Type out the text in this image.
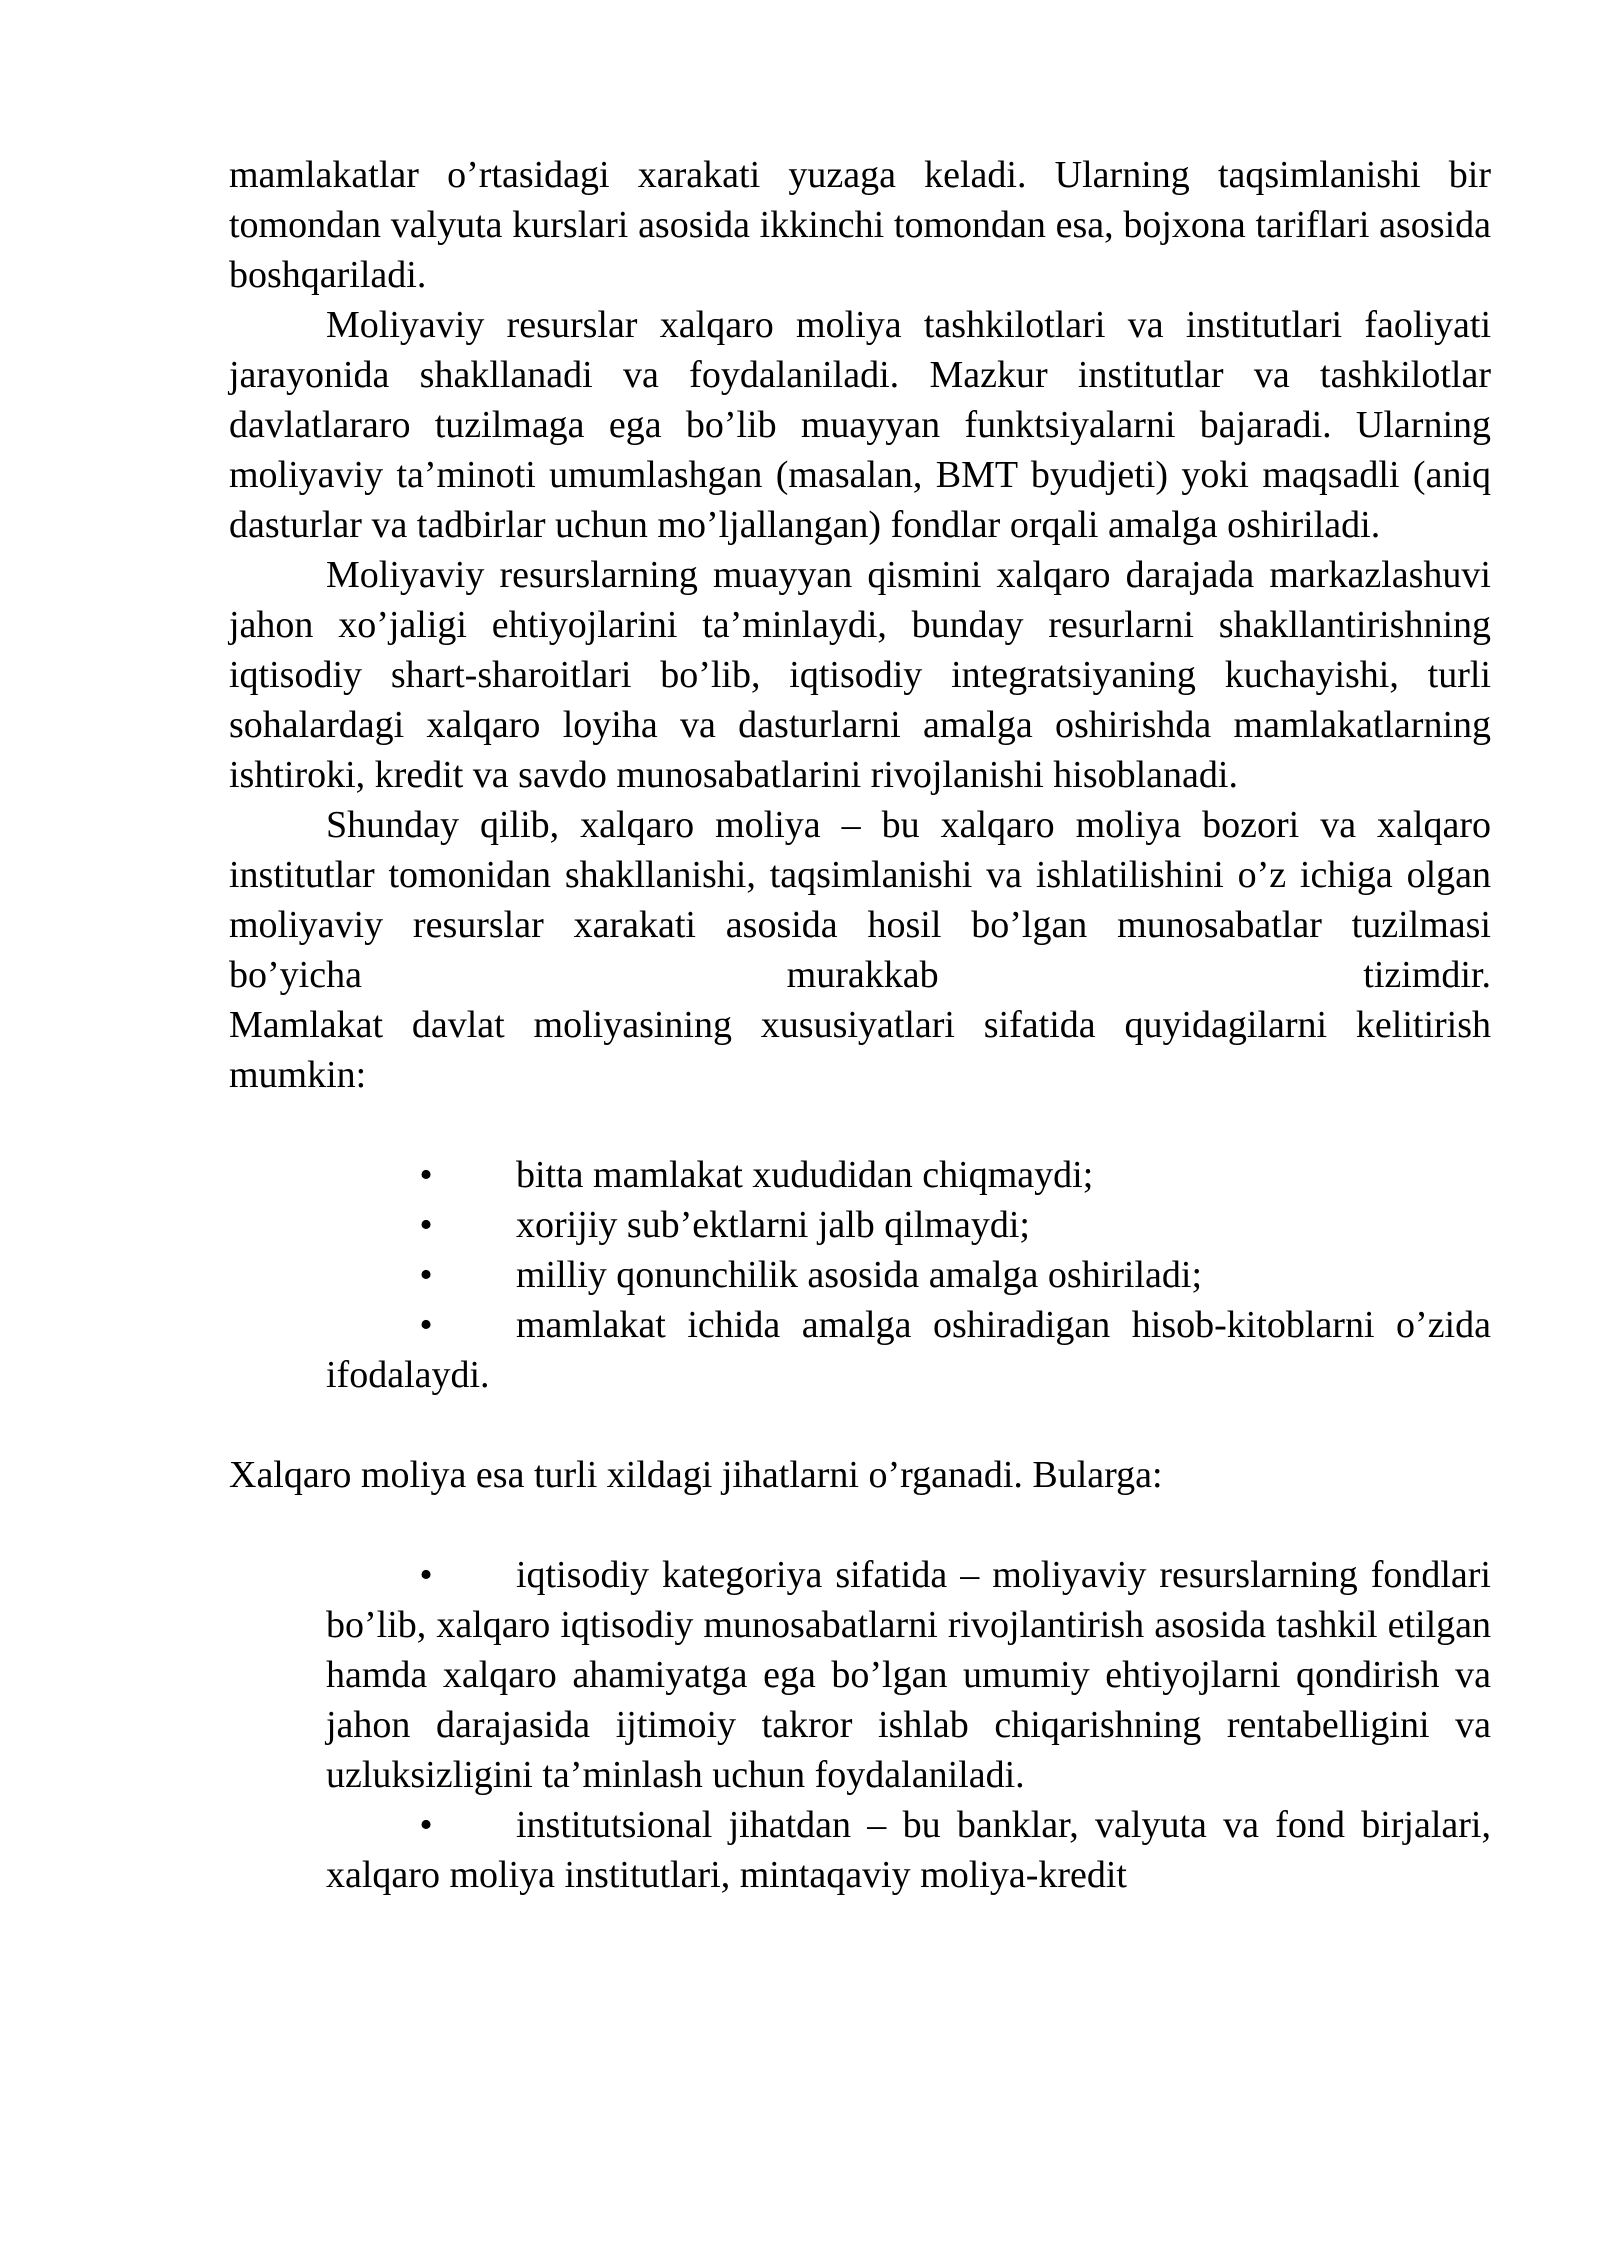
mamlakatlar o’rtasidagi xarakati yuzaga keladi. Ularning taqsimlanishi bir tomondan valyuta kurslari asosida ikkinchi tomondan esa, bojxona tariflari asosida boshqariladi.

Moliyaviy resurslar xalqaro moliya tashkilotlari va institutlari faoliyati jarayonida shakllanadi va foydalaniladi. Mazkur institutlar va tashkilotlar davlatlararo tuzilmaga ega bo’lib muayyan funktsiyalarni bajaradi. Ularning moliyaviy ta’minoti umumlashgan (masalan, BMT byudjeti) yoki maqsadli (aniq dasturlar va tadbirlar uchun mo’ljallangan) fondlar orqali amalga oshiriladi.

Moliyaviy resurslarning muayyan qismini xalqaro darajada markazlashuvi jahon xo’jaligi ehtiyojlarini ta’minlaydi, bunday resurlarni shakllantirishning iqtisodiy shart-sharoitlari bo’lib, iqtisodiy integratsiyaning kuchayishi, turli sohalardagi xalqaro loyiha va dasturlarni amalga oshirishda mamlakatlarning ishtiroki, kredit va savdo munosabatlarini rivojlanishi hisoblanadi.

Shunday qilib, xalqaro moliya – bu xalqaro moliya bozori va xalqaro institutlar tomonidan shakllanishi, taqsimlanishi va ishlatilishini o’z ichiga olgan moliyaviy resurslar xarakati asosida hosil bo’lgan munosabatlar tuzilmasi bo’yicha murakkab tizimdir.

Mamlakat davlat moliyasining xususiyatlari sifatida quyidagilarni kelitirish mumkin:

• bitta mamlakat xududidan chiqmaydi;
• xorijiy sub’ektlarni jalb qilmaydi;
• milliy qonunchilik asosida amalga oshiriladi;
• mamlakat ichida amalga oshiradigan hisob-kitoblarni o’zida ifodalaydi.

Xalqaro moliya esa turli xildagi jihatlarni o’rganadi. Bularga:

• iqtisodiy kategoriya sifatida – moliyaviy resurslarning fondlari bo’lib, xalqaro iqtisodiy munosabatlarni rivojlantirish asosida tashkil etilgan hamda xalqaro ahamiyatga ega bo’lgan umumiy ehtiyojlarni qondirish va jahon darajasida ijtimoiy takror ishlab chiqarishning rentabelligini va uzluksizligini ta’minlash uchun foydalaniladi.
• institutsional jihatdan – bu banklar, valyuta va fond birjalari, xalqaro moliya institutlari, mintaqaviy moliya-kredit
